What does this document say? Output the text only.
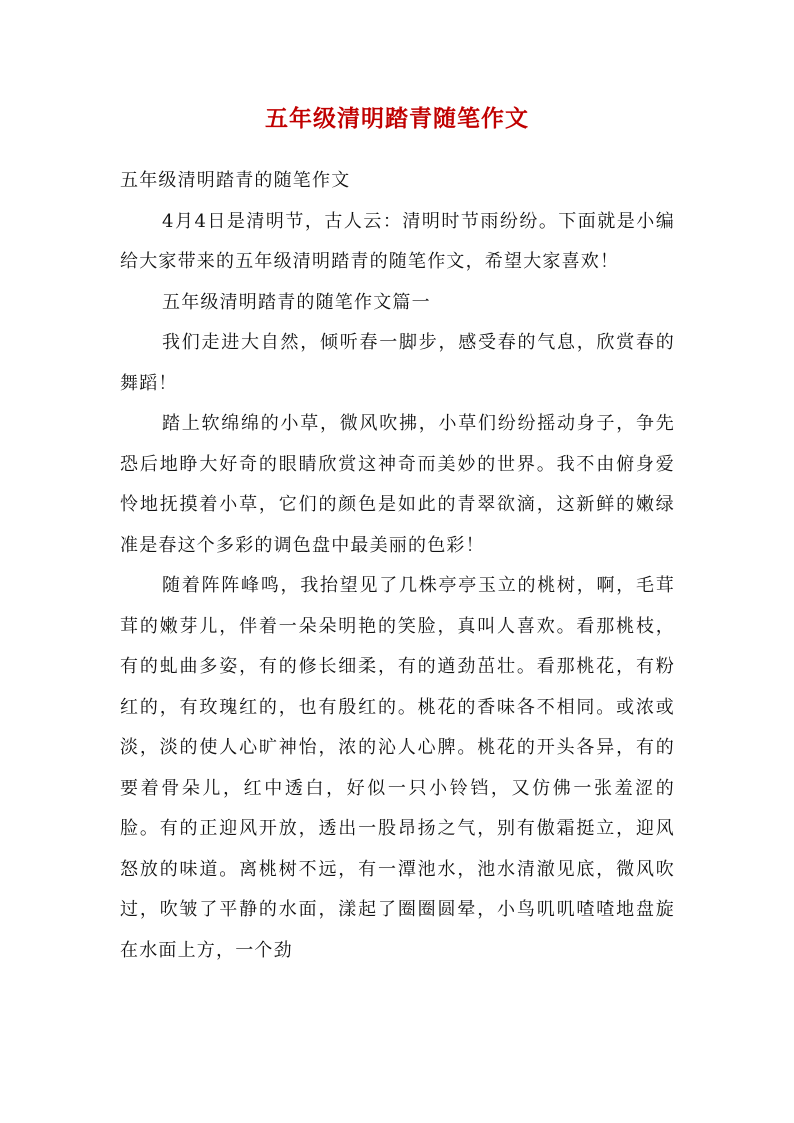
五年级清明踏青随笔作文

五年级清明踏青的随笔作文

4月4日是清明节，古人云：清明时节雨纷纷。下面就是小编给大家带来的五年级清明踏青的随笔作文，希望大家喜欢！

五年级清明踏青的随笔作文篇一

我们走进大自然，倾听春一脚步，感受春的气息，欣赏春的舞蹈！

踏上软绵绵的小草，微风吹拂，小草们纷纷摇动身子，争先恐后地睁大好奇的眼睛欣赏这神奇而美妙的世界。我不由俯身爱怜地抚摸着小草，它们的颜色是如此的青翠欲滴，这新鲜的嫩绿准是春这个多彩的调色盘中最美丽的色彩！

随着阵阵峰鸣，我抬望见了几株亭亭玉立的桃树，啊，毛茸茸的嫩芽儿，伴着一朵朵明艳的笑脸，真叫人喜欢。看那桃枝，有的虬曲多姿，有的修长细柔，有的遒劲茁壮。看那桃花，有粉红的，有玫瑰红的，也有殷红的。桃花的香味各不相同。或浓或淡，淡的使人心旷神怡，浓的沁人心脾。桃花的开头各异，有的要着骨朵儿，红中透白，好似一只小铃铛，又仿佛一张羞涩的脸。有的正迎风开放，透出一股昂扬之气，别有傲霜挺立，迎风怒放的味道。离桃树不远，有一潭池水，池水清澈见底，微风吹过，吹皱了平静的水面，漾起了圈圈圆晕，小鸟叽叽喳喳地盘旋在水面上方，一个劲
